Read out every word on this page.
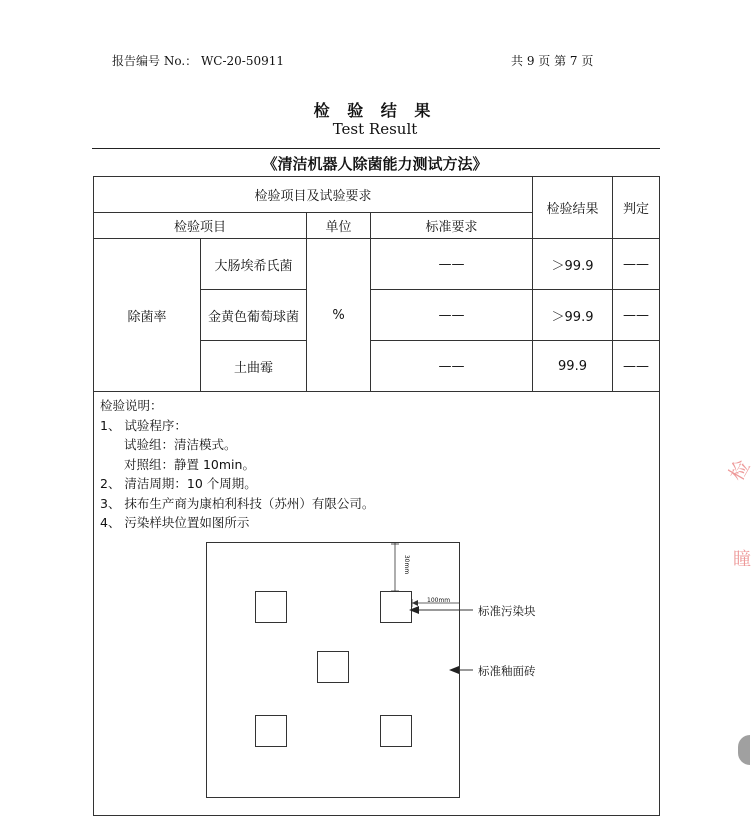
报告编号 No.： WC-20-50911	共 9 页 第 7 页
检 验 结 果
Test Result
《清洁机器人除菌能力测试方法》
检验项目及试验要求				检验结果	判定
检验项目		单位	标准要求		
除菌率	大肠埃希氏菌	%	——	＞99.9	——
	金黄色葡萄球菌		——	＞99.9	——
	土曲霉		——	99.9	——
检验说明：
1、 试验程序：
试验组：清洁模式。
对照组：静置 10min。
2、 清洁周期：10 个周期。
3、 抹布生产商为康柏利科技（苏州）有限公司。
4、 污染样块位置如图所示
30mm
100mm
标准污染块
标准釉面砖
检
瞳
